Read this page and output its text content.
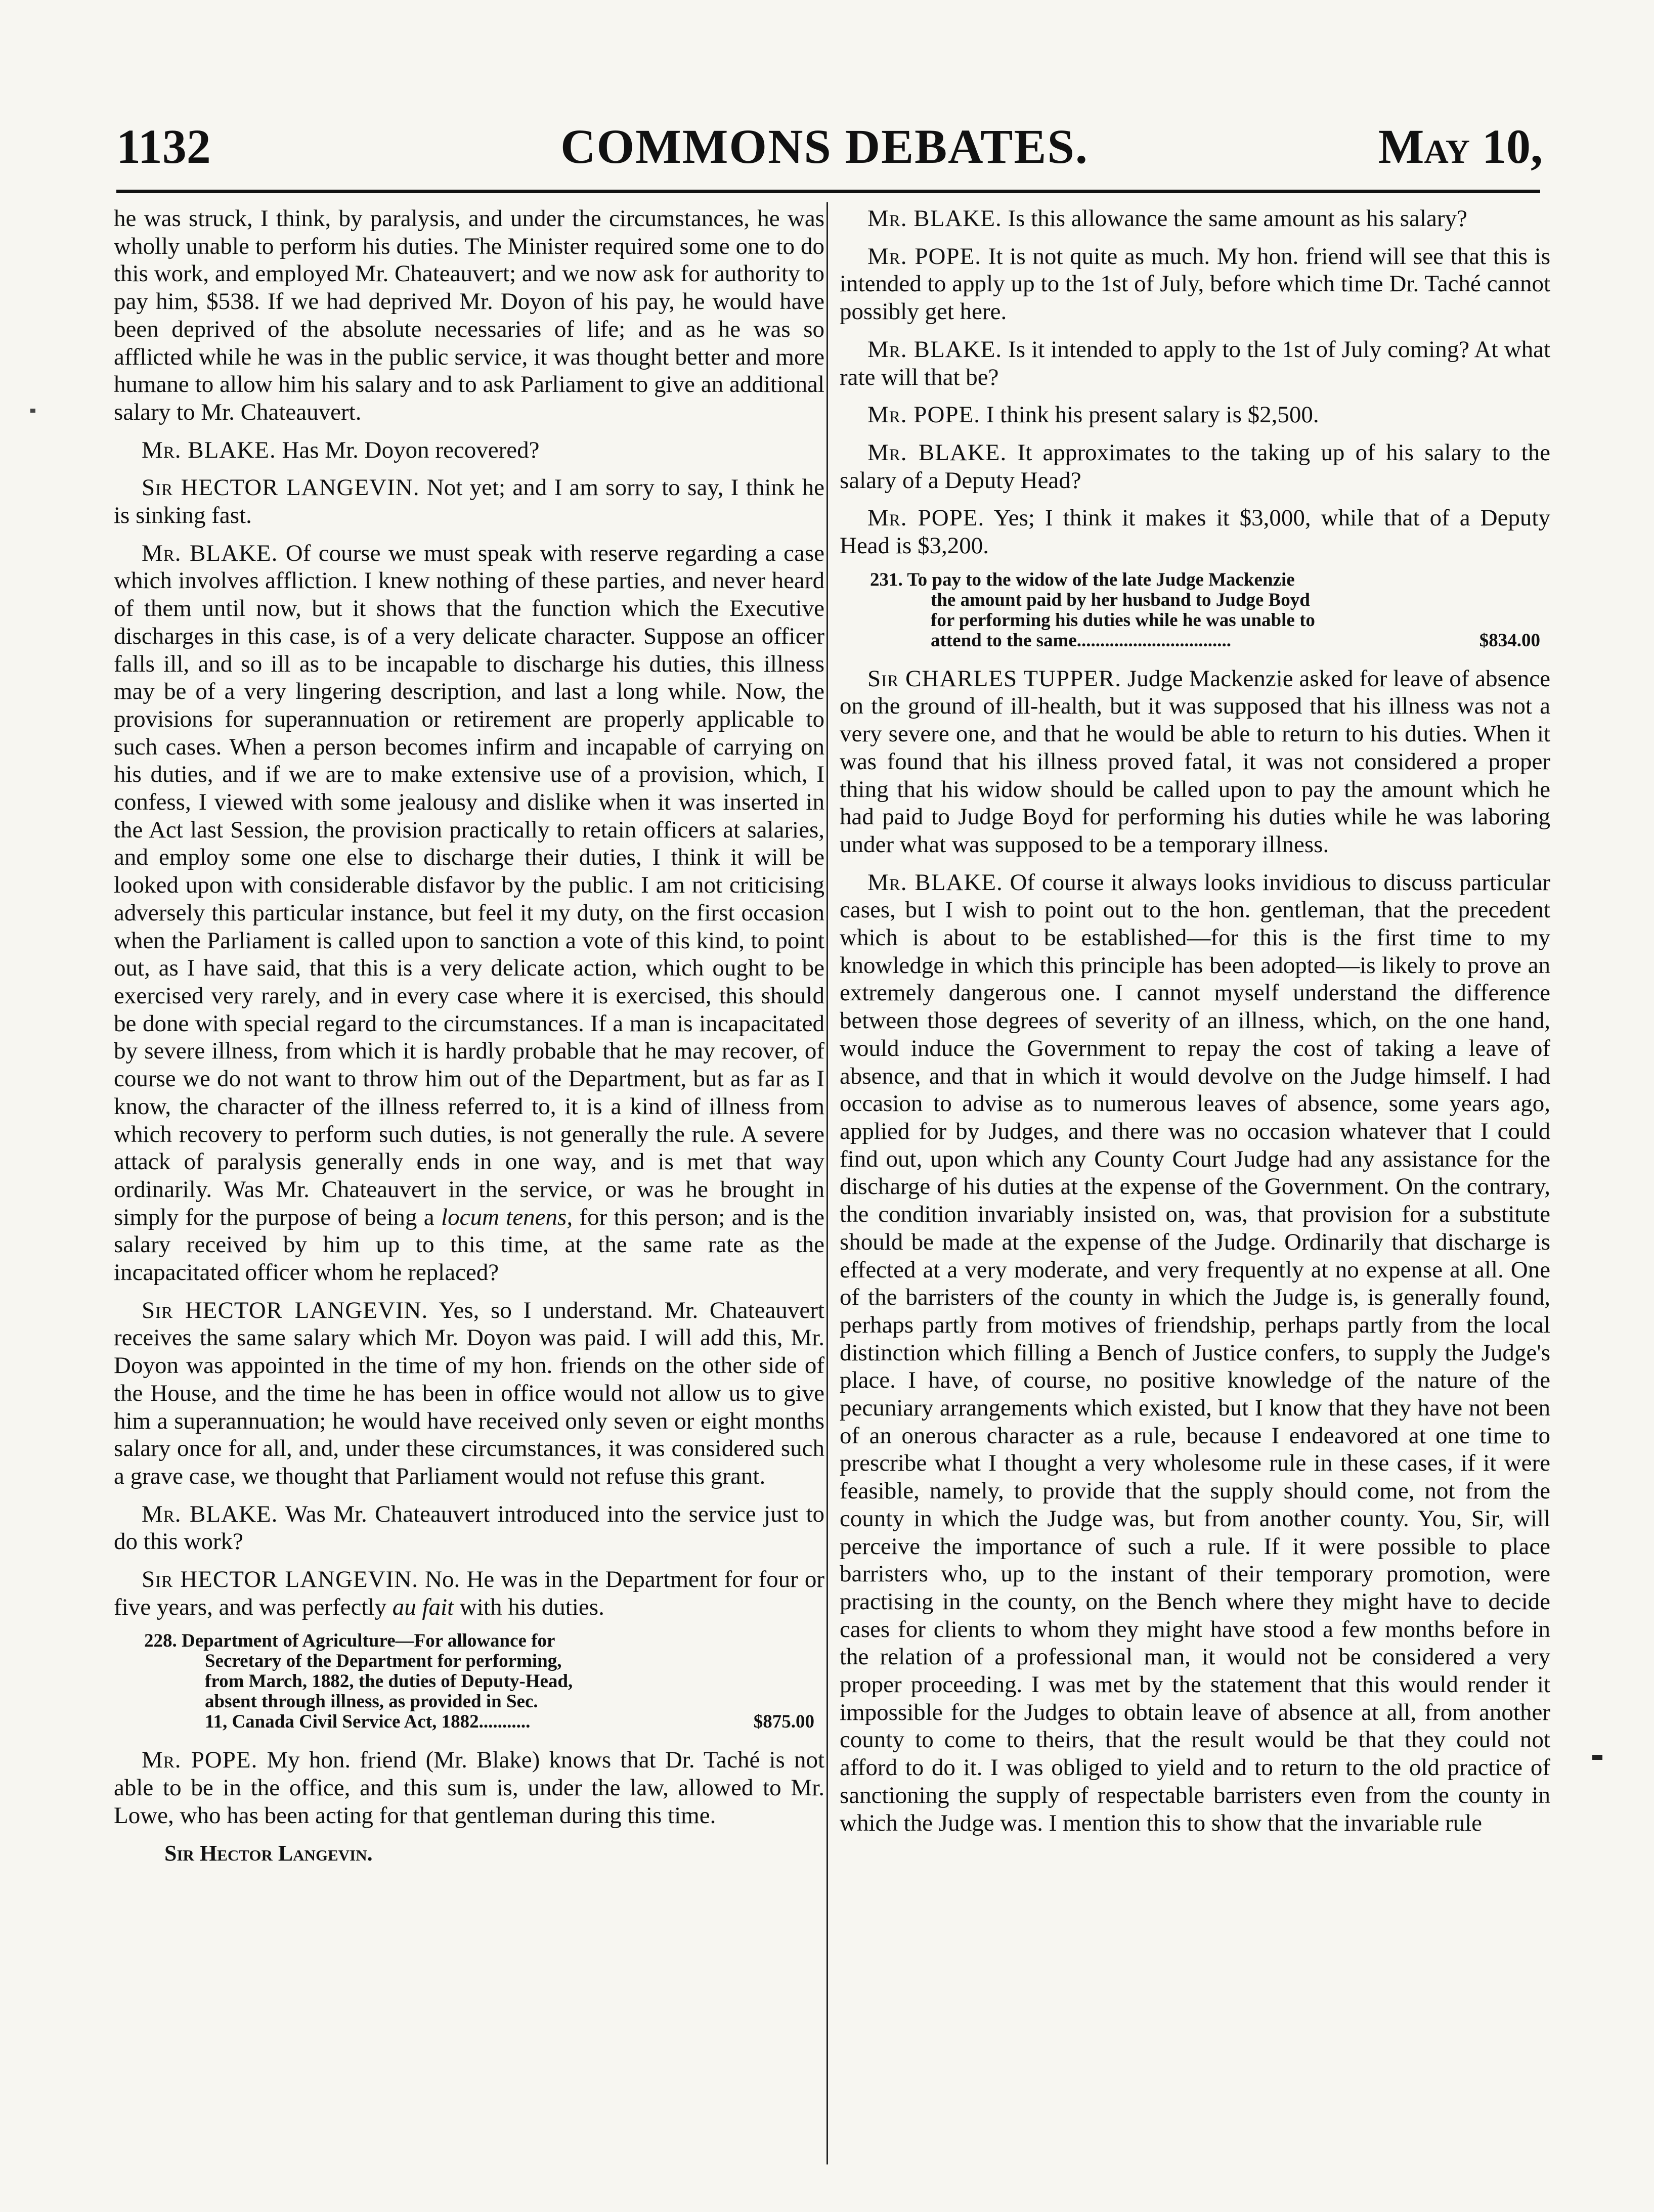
1132	COMMONS DEBATES.	May 10,

he was struck, I think, by paralysis, and under the circumstances, he was wholly unable to perform his duties. The Minister required some one to do this work, and employed Mr. Chateauvert; and we now ask for authority to pay him, $538. If we had deprived Mr. Doyon of his pay, he would have been deprived of the absolute necessaries of life; and as he was so afflicted while he was in the public service, it was thought better and more humane to allow him his salary and to ask Parliament to give an additional salary to Mr. Chateauvert.

Mr. BLAKE. Has Mr. Doyon recovered?

Sir HECTOR LANGEVIN. Not yet; and I am sorry to say, I think he is sinking fast.

Mr. BLAKE. Of course we must speak with reserve regarding a case which involves affliction. I knew nothing of these parties, and never heard of them until now, but it shows that the function which the Executive discharges in this case, is of a very delicate character. Suppose an officer falls ill, and so ill as to be incapable to discharge his duties, this illness may be of a very lingering description, and last a long while. Now, the provisions for superannuation or retirement are properly applicable to such cases. When a person becomes infirm and incapable of carrying on his duties, and if we are to make extensive use of a provision, which, I confess, I viewed with some jealousy and dislike when it was inserted in the Act last Session, the provision practically to retain officers at salaries, and employ some one else to discharge their duties, I think it will be looked upon with considerable disfavor by the public. I am not criticising adversely this particular instance, but feel it my duty, on the first occasion when the Parliament is called upon to sanction a vote of this kind, to point out, as I have said, that this is a very delicate action, which ought to be exercised very rarely, and in every case where it is exercised, this should be done with special regard to the circumstances. If a man is incapacitated by severe illness, from which it is hardly probable that he may recover, of course we do not want to throw him out of the Department, but as far as I know, the character of the illness referred to, it is a kind of illness from which recovery to perform such duties, is not generally the rule. A severe attack of paralysis generally ends in one way, and is met that way ordinarily. Was Mr. Chateauvert in the service, or was he brought in simply for the purpose of being a locum tenens, for this person; and is the salary received by him up to this time, at the same rate as the incapacitated officer whom he replaced?

Sir HECTOR LANGEVIN. Yes, so I understand. Mr. Chateauvert receives the same salary which Mr. Doyon was paid. I will add this, Mr. Doyon was appointed in the time of my hon. friends on the other side of the House, and the time he has been in office would not allow us to give him a superannuation; he would have received only seven or eight months salary once for all, and, under these circumstances, it was considered such a grave case, we thought that Parliament would not refuse this grant.

Mr. BLAKE. Was Mr. Chateauvert introduced into the service just to do this work?

Sir HECTOR LANGEVIN. No. He was in the Department for four or five years, and was perfectly au fait with his duties.

228. Department of Agriculture—For allowance for
Secretary of the Department for performing,
from March, 1882, the duties of Deputy-Head,
absent through illness, as provided in Sec.
11, Canada Civil Service Act, 1882...........	$875.00

Mr. POPE. My hon. friend (Mr. Blake) knows that Dr. Taché is not able to be in the office, and this sum is, under the law, allowed to Mr. Lowe, who has been acting for that gentleman during this time.

Sir Hector Langevin.

Mr. BLAKE. Is this allowance the same amount as his salary?

Mr. POPE. It is not quite as much. My hon. friend will see that this is intended to apply up to the 1st of July, before which time Dr. Taché cannot possibly get here.

Mr. BLAKE. Is it intended to apply to the 1st of July coming? At what rate will that be?

Mr. POPE. I think his present salary is $2,500.

Mr. BLAKE. It approximates to the taking up of his salary to the salary of a Deputy Head?

Mr. POPE. Yes; I think it makes it $3,000, while that of a Deputy Head is $3,200.

231. To pay to the widow of the late Judge Mackenzie
the amount paid by her husband to Judge Boyd
for performing his duties while he was unable to
attend to the same.................................	$834.00

Sir CHARLES TUPPER. Judge Mackenzie asked for leave of absence on the ground of ill-health, but it was supposed that his illness was not a very severe one, and that he would be able to return to his duties. When it was found that his illness proved fatal, it was not considered a proper thing that his widow should be called upon to pay the amount which he had paid to Judge Boyd for performing his duties while he was laboring under what was supposed to be a temporary illness.

Mr. BLAKE. Of course it always looks invidious to discuss particular cases, but I wish to point out to the hon. gentleman, that the precedent which is about to be established—for this is the first time to my knowledge in which this principle has been adopted—is likely to prove an extremely dangerous one. I cannot myself understand the difference between those degrees of severity of an illness, which, on the one hand, would induce the Government to repay the cost of taking a leave of absence, and that in which it would devolve on the Judge himself. I had occasion to advise as to numerous leaves of absence, some years ago, applied for by Judges, and there was no occasion whatever that I could find out, upon which any County Court Judge had any assistance for the discharge of his duties at the expense of the Government. On the contrary, the condition invariably insisted on, was, that provision for a substitute should be made at the expense of the Judge. Ordinarily that discharge is effected at a very moderate, and very frequently at no expense at all. One of the barristers of the county in which the Judge is, is generally found, perhaps partly from motives of friendship, perhaps partly from the local distinction which filling a Bench of Justice confers, to supply the Judge's place. I have, of course, no positive knowledge of the nature of the pecuniary arrangements which existed, but I know that they have not been of an onerous character as a rule, because I endeavored at one time to prescribe what I thought a very wholesome rule in these cases, if it were feasible, namely, to provide that the supply should come, not from the county in which the Judge was, but from another county. You, Sir, will perceive the importance of such a rule. If it were possible to place barristers who, up to the instant of their temporary promotion, were practising in the county, on the Bench where they might have to decide cases for clients to whom they might have stood a few months before in the relation of a professional man, it would not be considered a very proper proceeding. I was met by the statement that this would render it impossible for the Judges to obtain leave of absence at all, from another county to come to theirs, that the result would be that they could not afford to do it. I was obliged to yield and to return to the old practice of sanctioning the supply of respectable barristers even from the county in which the Judge was. I mention this to show that the invariable rule
